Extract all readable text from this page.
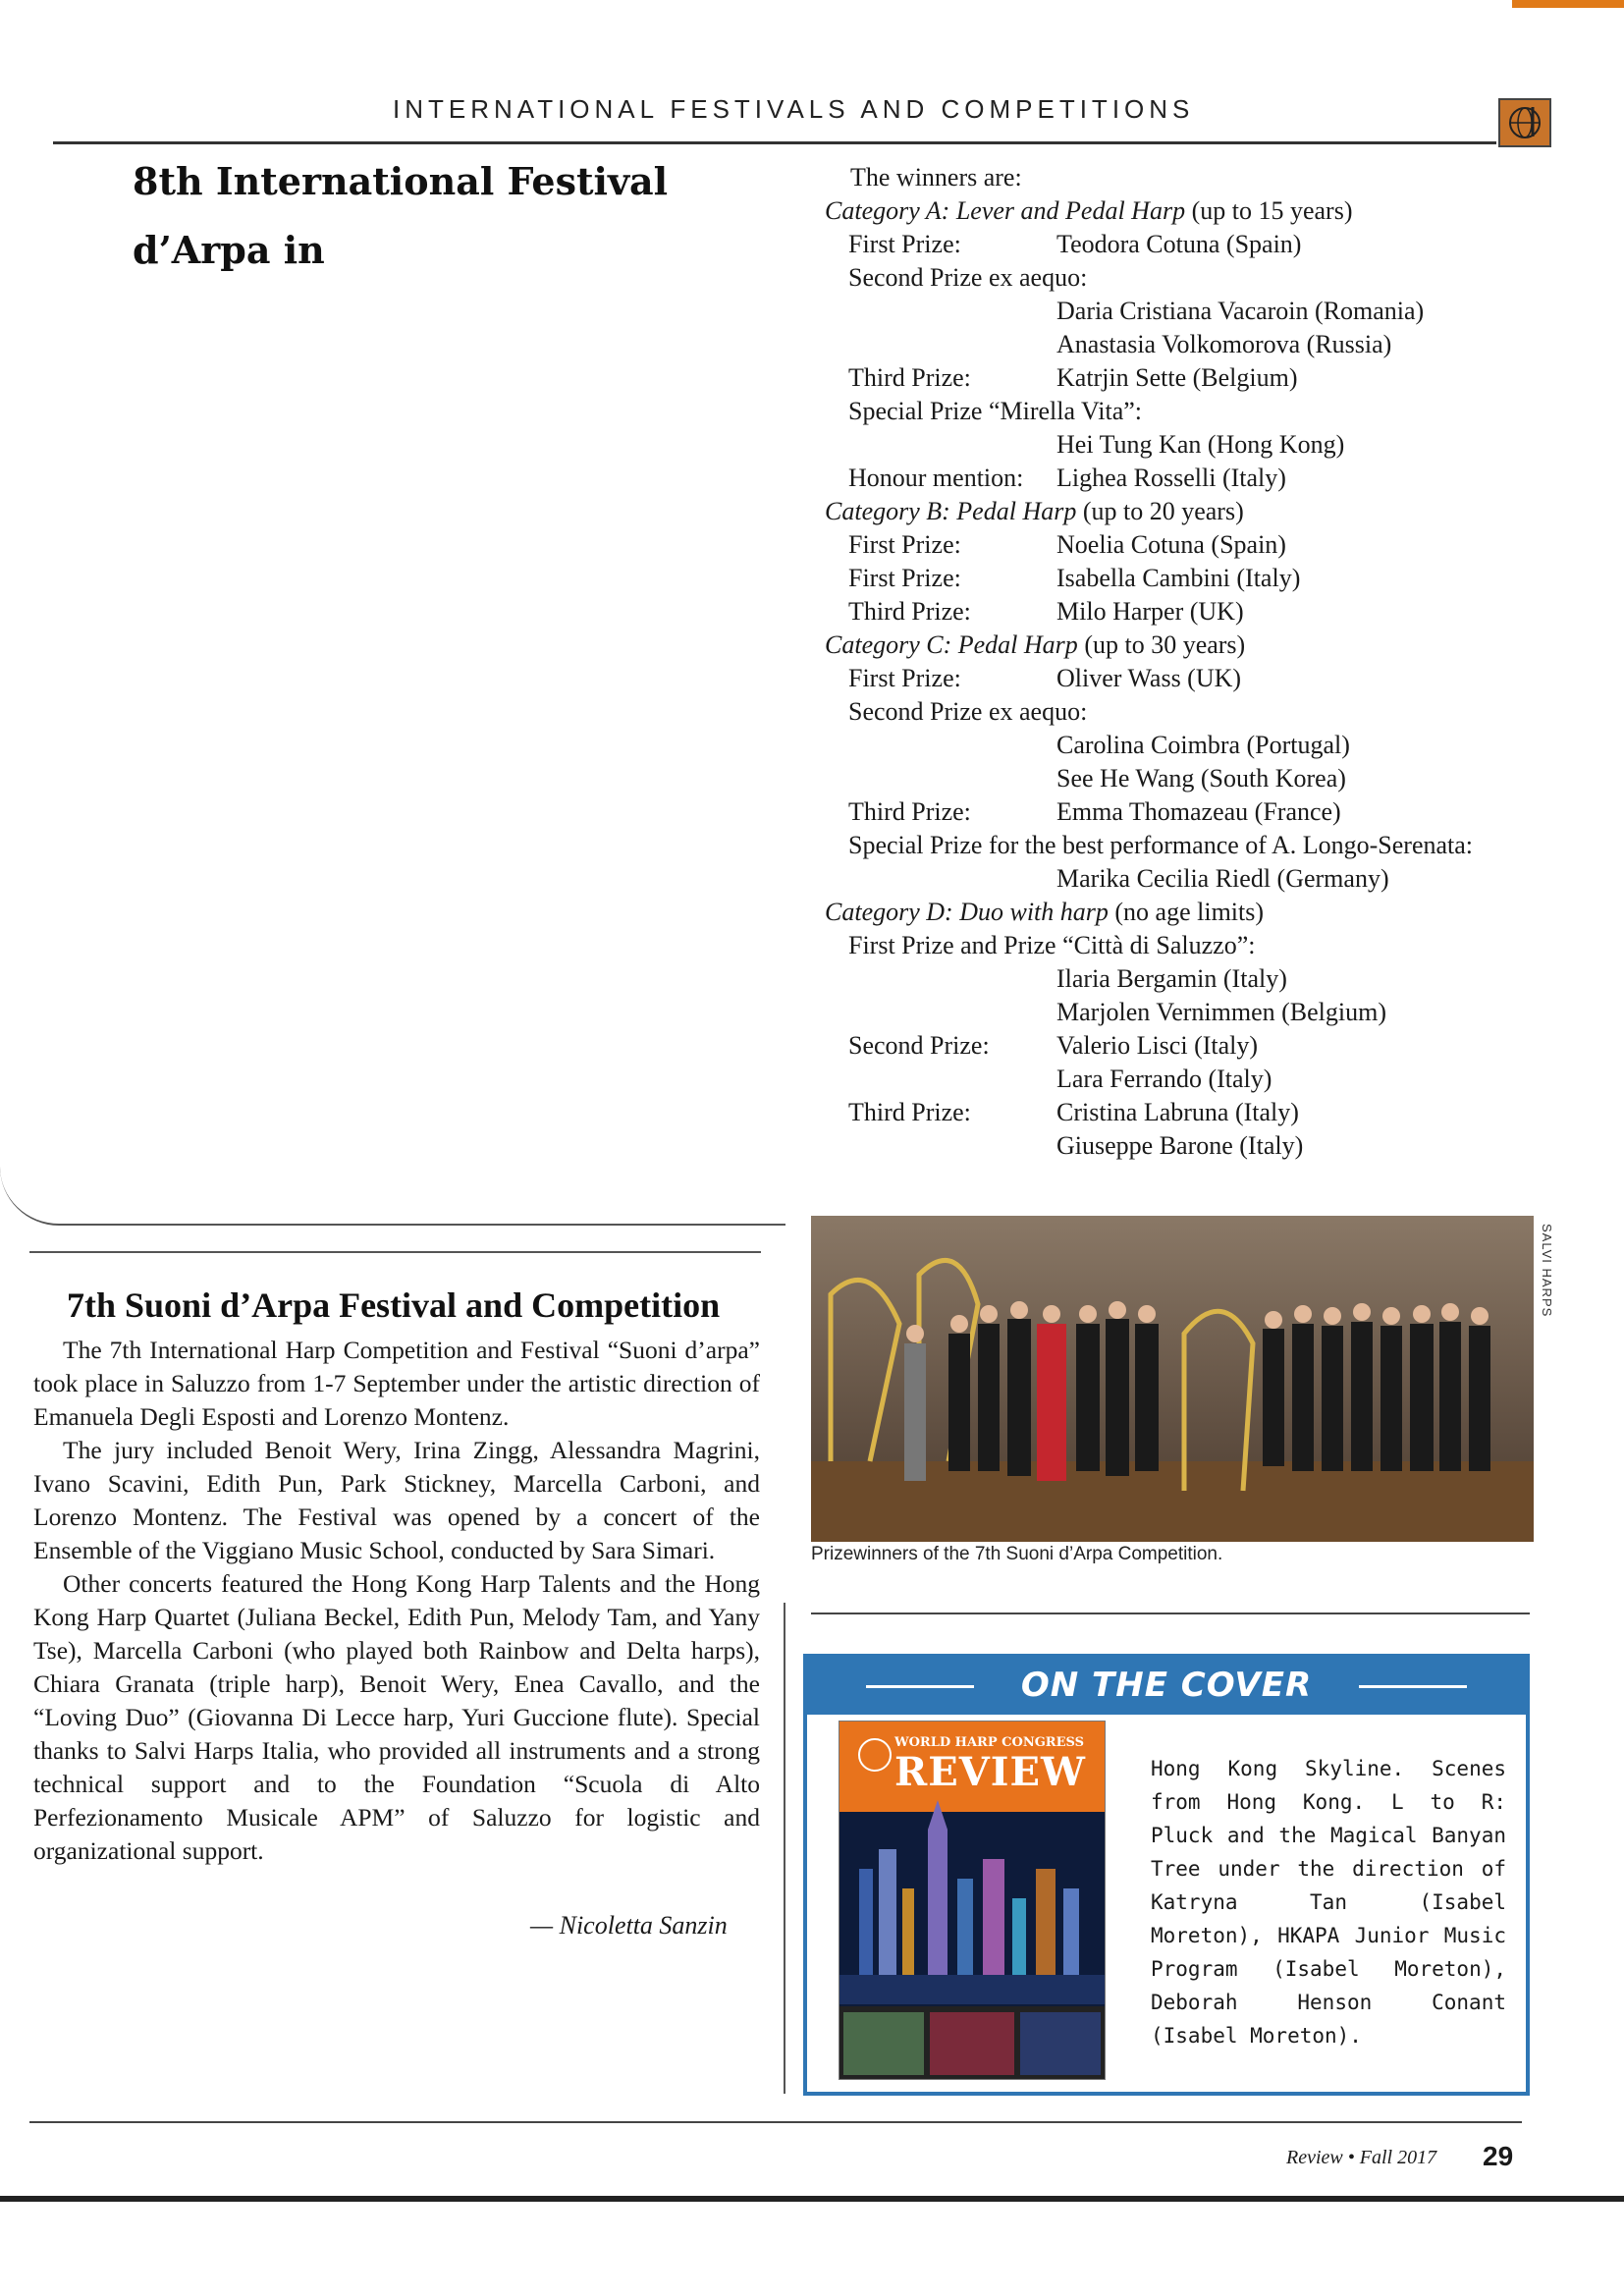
INTERNATIONAL FESTIVALS AND COMPETITIONS
8th International Festival d’Arpa in
The winners are:
Category A: Lever and Pedal Harp (up to 15 years)
First Prize:	Teodora Cotuna (Spain)
Second Prize ex aequo:
Daria Cristiana Vacaroin (Romania)
Anastasia Volkomorova (Russia)
Third Prize:	Katrjin Sette (Belgium)
Special Prize “Mirella Vita”:
Hei Tung Kan (Hong Kong)
Honour mention: Lighea Rosselli (Italy)
Category B: Pedal Harp (up to 20 years)
First Prize:	Noelia Cotuna (Spain)
First Prize:	Isabella Cambini (Italy)
Third Prize:	Milo Harper (UK)
Category C: Pedal Harp (up to 30 years)
First Prize:	Oliver Wass (UK)
Second Prize ex aequo:
Carolina Coimbra (Portugal)
See He Wang (South Korea)
Third Prize:	Emma Thomazeau (France)
Special Prize for the best performance of A. Longo-Serenata:
Marika Cecilia Riedl (Germany)
Category D: Duo with harp (no age limits)
First Prize and Prize “Città di Saluzzo”:
Ilaria Bergamin (Italy)
Marjolen Vernimmen (Belgium)
Second Prize:	Valerio Lisci (Italy)
Lara Ferrando (Italy)
Third Prize:	Cristina Labruna (Italy)
Giuseppe Barone (Italy)
SALVI HARPS
Prizewinners of the 7th Suoni d’Arpa Competition.
7th Suoni d’Arpa Festival and Competition

The 7th International Harp Competition and Festival “Suoni d’arpa” took place in Saluzzo from 1-7 September under the artistic direction of Emanuela Degli Esposti and Lorenzo Montenz.

The jury included Benoit Wery, Irina Zingg, Alessandra Magrini, Ivano Scavini, Edith Pun, Park Stickney, Marcella Carboni, and Lorenzo Montenz. The Festival was opened by a concert of the Ensemble of the Viggiano Music School, conducted by Sara Simari.

Other concerts featured the Hong Kong Harp Talents and the Hong Kong Harp Quartet (Juliana Beckel, Edith Pun, Melody Tam, and Yany Tse), Marcella Carboni (who played both Rainbow and Delta harps), Chiara Granata (triple harp), Benoit Wery, Enea Cavallo, and the “Loving Duo” (Giovanna Di Lecce harp, Yuri Guccione flute). Special thanks to Salvi Harps Italia, who provided all instruments and a strong technical support and to the Foundation “Scuola di Alto Perfezionamento Musicale APM” of Saluzzo for logistic and organizational support.

— Nicoletta Sanzin
ON THE COVER
WORLD HARP CONGRESS
REVIEW	Hong Kong Skyline. Scenes from Hong Kong. L to R: Pluck and the Magical Banyan Tree under the direction of Katryna Tan (Isabel Moreton), HKAPA Junior Music Program (Isabel Moreton), Deborah Henson Conant (Isabel Moreton).
Review • Fall 2017 29
